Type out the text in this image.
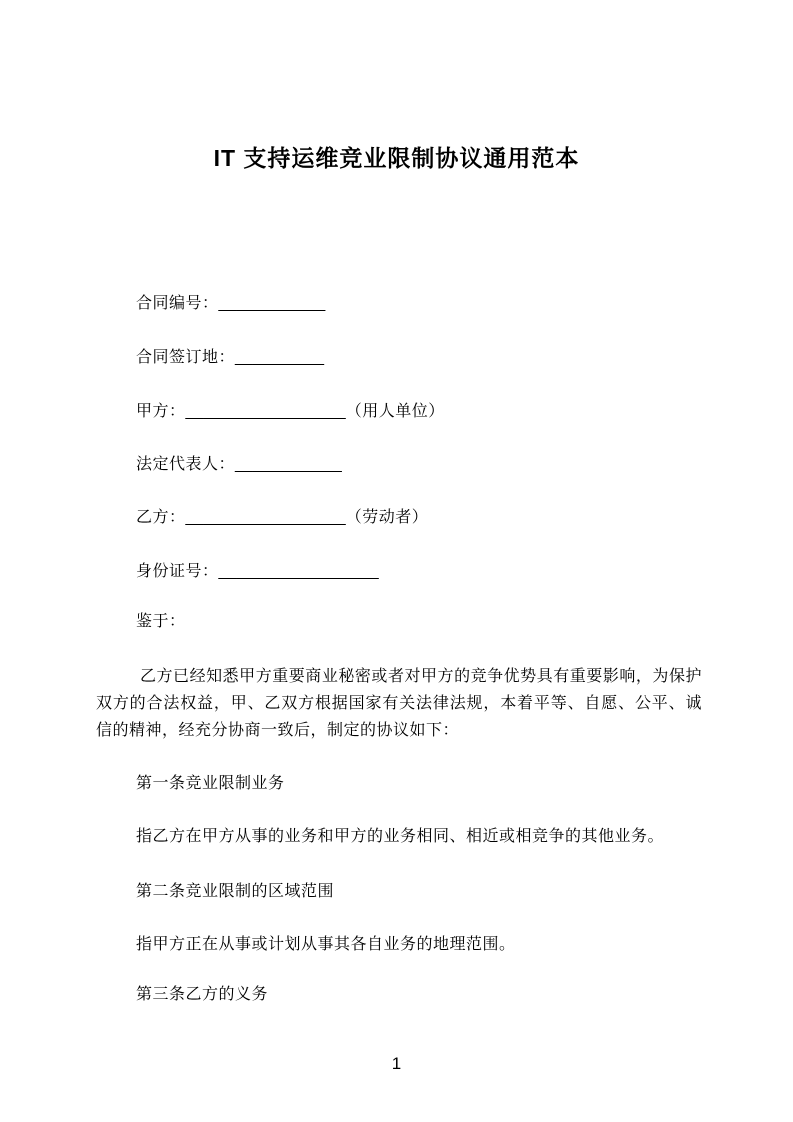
IT 支持运维竞业限制协议通用范本
合同编号：____________
合同签订地：__________
甲方：__________________（用人单位）
法定代表人：____________
乙方：__________________（劳动者）
身份证号：__________________
鉴于：
乙方已经知悉甲方重要商业秘密或者对甲方的竞争优势具有重要影响，为保护双方的合法权益，甲、乙双方根据国家有关法律法规，本着平等、自愿、公平、诚信的精神，经充分协商一致后，制定的协议如下：
第一条竞业限制业务
指乙方在甲方从事的业务和甲方的业务相同、相近或相竞争的其他业务。
第二条竞业限制的区域范围
指甲方正在从事或计划从事其各自业务的地理范围。
第三条乙方的义务
1
